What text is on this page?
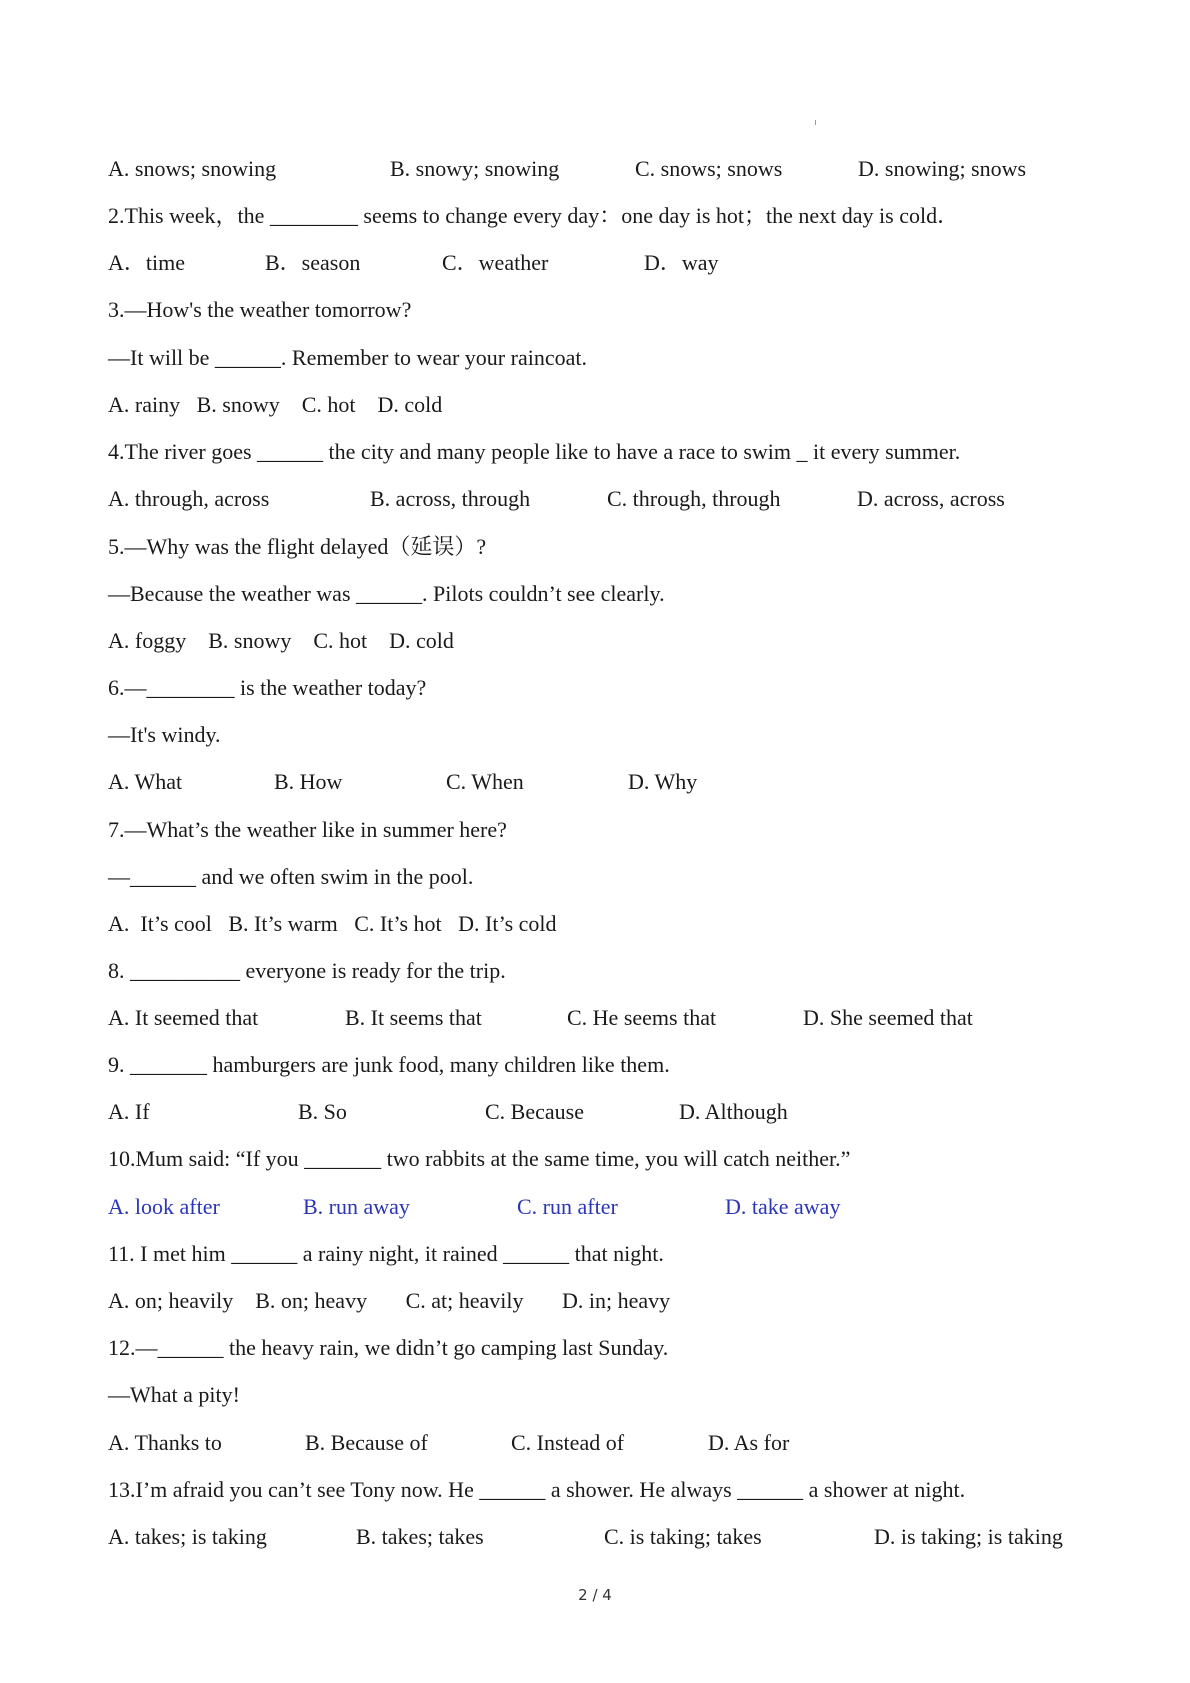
A. snows; snowing

	B. snowy; snowing

	C. snows; snows

	D. snowing; snows

2.This week，the ________ seems to change every day：one day is hot；the next day is cold．

A．time

	B．season

	C．weather

	D．way

3.—How's the weather tomorrow?
—It will be ______. Remember to wear your raincoat.
A. rainy   B. snowy    C. hot    D. cold
4.The river goes ______ the city and many people like to have a race to swim _ it every summer.

A. through, across

	B. across, through

	C. through, through

	D. across, across

5.—Why was the flight delayed（延误）?
—Because the weather was ______. Pilots couldn’t see clearly.
A. foggy    B. snowy    C. hot    D. cold
6.—________ is the weather today?
—It's windy.

A. What

	B. How

	C. When

	D. Why

7.—What’s the weather like in summer here?
—______ and we often swim in the pool.
A.  It’s cool   B. It’s warm   C. It’s hot   D. It’s cold
8. __________ everyone is ready for the trip.

A. It seemed that

	B. It seems that

	C. He seems that

	D. She seemed that

9. _______ hamburgers are junk food, many children like them.

A. If

	B. So

	C. Because

	D. Although

10.Mum said: “If you _______ two rabbits at the same time, you will catch neither.”

A. look after

	B. run away

	C. run after

	D. take away

11. I met him ______ a rainy night, it rained ______ that night.
A. on; heavily    B. on; heavy       C. at; heavily       D. in; heavy
12.—______ the heavy rain, we didn’t go camping last Sunday.
—What a pity!

A. Thanks to

	B. Because of

	C. Instead of

	D. As for

13.I’m afraid you can’t see Tony now. He ______ a shower. He always ______ a shower at night.

A. takes; is taking

	B. takes; takes

	C. is taking; takes

	D. is taking; is taking

2 / 4
